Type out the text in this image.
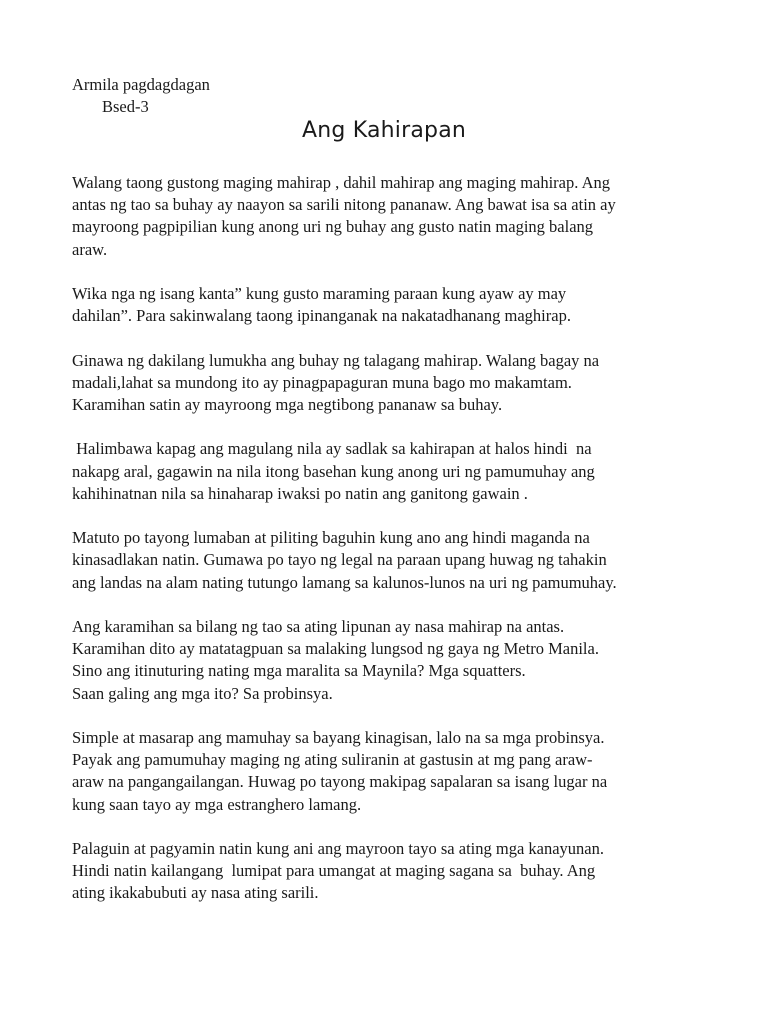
Armila pagdagdagan
Bsed-3
Ang Kahirapan

Walang taong gustong maging mahirap , dahil mahirap ang maging mahirap. Ang
antas ng tao sa buhay ay naayon sa sarili nitong pananaw. Ang bawat isa sa atin ay
mayroong pagpipilian kung anong uri ng buhay ang gusto natin maging balang
araw.

Wika nga ng isang kanta” kung gusto maraming paraan kung ayaw ay may
dahilan”. Para sakinwalang taong ipinanganak na nakatadhanang maghirap.

Ginawa ng dakilang lumukha ang buhay ng talagang mahirap. Walang bagay na
madali,lahat sa mundong ito ay pinagpapaguran muna bago mo makamtam.
Karamihan satin ay mayroong mga negtibong pananaw sa buhay.

Halimbawa kapag ang magulang nila ay sadlak sa kahirapan at halos hindi  na
nakapg aral, gagawin na nila itong basehan kung anong uri ng pamumuhay ang
kahihinatnan nila sa hinaharap iwaksi po natin ang ganitong gawain .

Matuto po tayong lumaban at piliting baguhin kung ano ang hindi maganda na
kinasadlakan natin. Gumawa po tayo ng legal na paraan upang huwag ng tahakin
ang landas na alam nating tutungo lamang sa kalunos-lunos na uri ng pamumuhay.

Ang karamihan sa bilang ng tao sa ating lipunan ay nasa mahirap na antas.
Karamihan dito ay matatagpuan sa malaking lungsod ng gaya ng Metro Manila.
Sino ang itinuturing nating mga maralita sa Maynila? Mga squatters.
Saan galing ang mga ito? Sa probinsya.

Simple at masarap ang mamuhay sa bayang kinagisan, lalo na sa mga probinsya.
Payak ang pamumuhay maging ng ating suliranin at gastusin at mg pang araw-
araw na pangangailangan. Huwag po tayong makipag sapalaran sa isang lugar na
kung saan tayo ay mga estranghero lamang.

Palaguin at pagyamin natin kung ani ang mayroon tayo sa ating mga kanayunan.
Hindi natin kailangang  lumipat para umangat at maging sagana sa  buhay. Ang
ating ikakabubuti ay nasa ating sarili.
